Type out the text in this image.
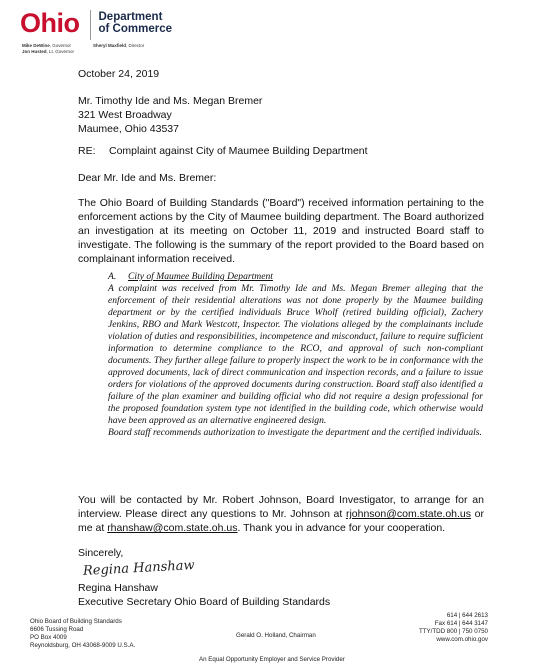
Ohio Department
of Commerce
Mike DeWine, Governor
Jon Husted, Lt. Governor
Sheryl Maxfield, Director
October 24, 2019
Mr. Timothy Ide and Ms. Megan Bremer
321 West Broadway
Maumee, Ohio 43537
RE: Complaint against City of Maumee Building Department
Dear Mr. Ide and Ms. Bremer:
The Ohio Board of Building Standards ("Board") received information pertaining to the enforcement actions by the City of Maumee building department. The Board authorized an investigation at its meeting on October 11, 2019 and instructed Board staff to investigate. The following is the summary of the report provided to the Board based on complainant information received.
A.	City of Maumee Building Department

A complaint was received from Mr. Timothy Ide and Ms. Megan Bremer alleging that the enforcement of their residential alterations was not done properly by the Maumee building department or by the certified individuals Bruce Wholf (retired building official), Zachery Jenkins, RBO and Mark Westcott, Inspector. The violations alleged by the complainants include violation of duties and responsibilities, incompetence and misconduct, failure to require sufficient information to determine compliance to the RCO, and approval of such non-compliant documents. They further allege failure to properly inspect the work to be in conformance with the approved documents, lack of direct communication and inspection records, and a failure to issue orders for violations of the approved documents during construction. Board staff also identified a failure of the plan examiner and building official who did not require a design professional for the proposed foundation system type not identified in the building code, which otherwise would have been approved as an alternative engineered design.

Board staff recommends authorization to investigate the department and the certified individuals.

You will be contacted by Mr. Robert Johnson, Board Investigator, to arrange for an interview. Please direct any questions to Mr. Johnson at rjohnson@com.state.oh.us or me at rhanshaw@com.state.oh.us. Thank you in advance for your cooperation.
Sincerely,
Regina Hanshaw
Regina Hanshaw
Executive Secretary Ohio Board of Building Standards
Ohio Board of Building Standards
6606 Tussing Road
PO Box 4009
Reynoldsburg, OH 43068-9009 U.S.A.
Gerald O. Holland, Chairman
614 | 644 2613
Fax 614 | 644 3147
TTY/TDD 800 | 750 0750
www.com.ohio.gov
An Equal Opportunity Employer and Service Provider
